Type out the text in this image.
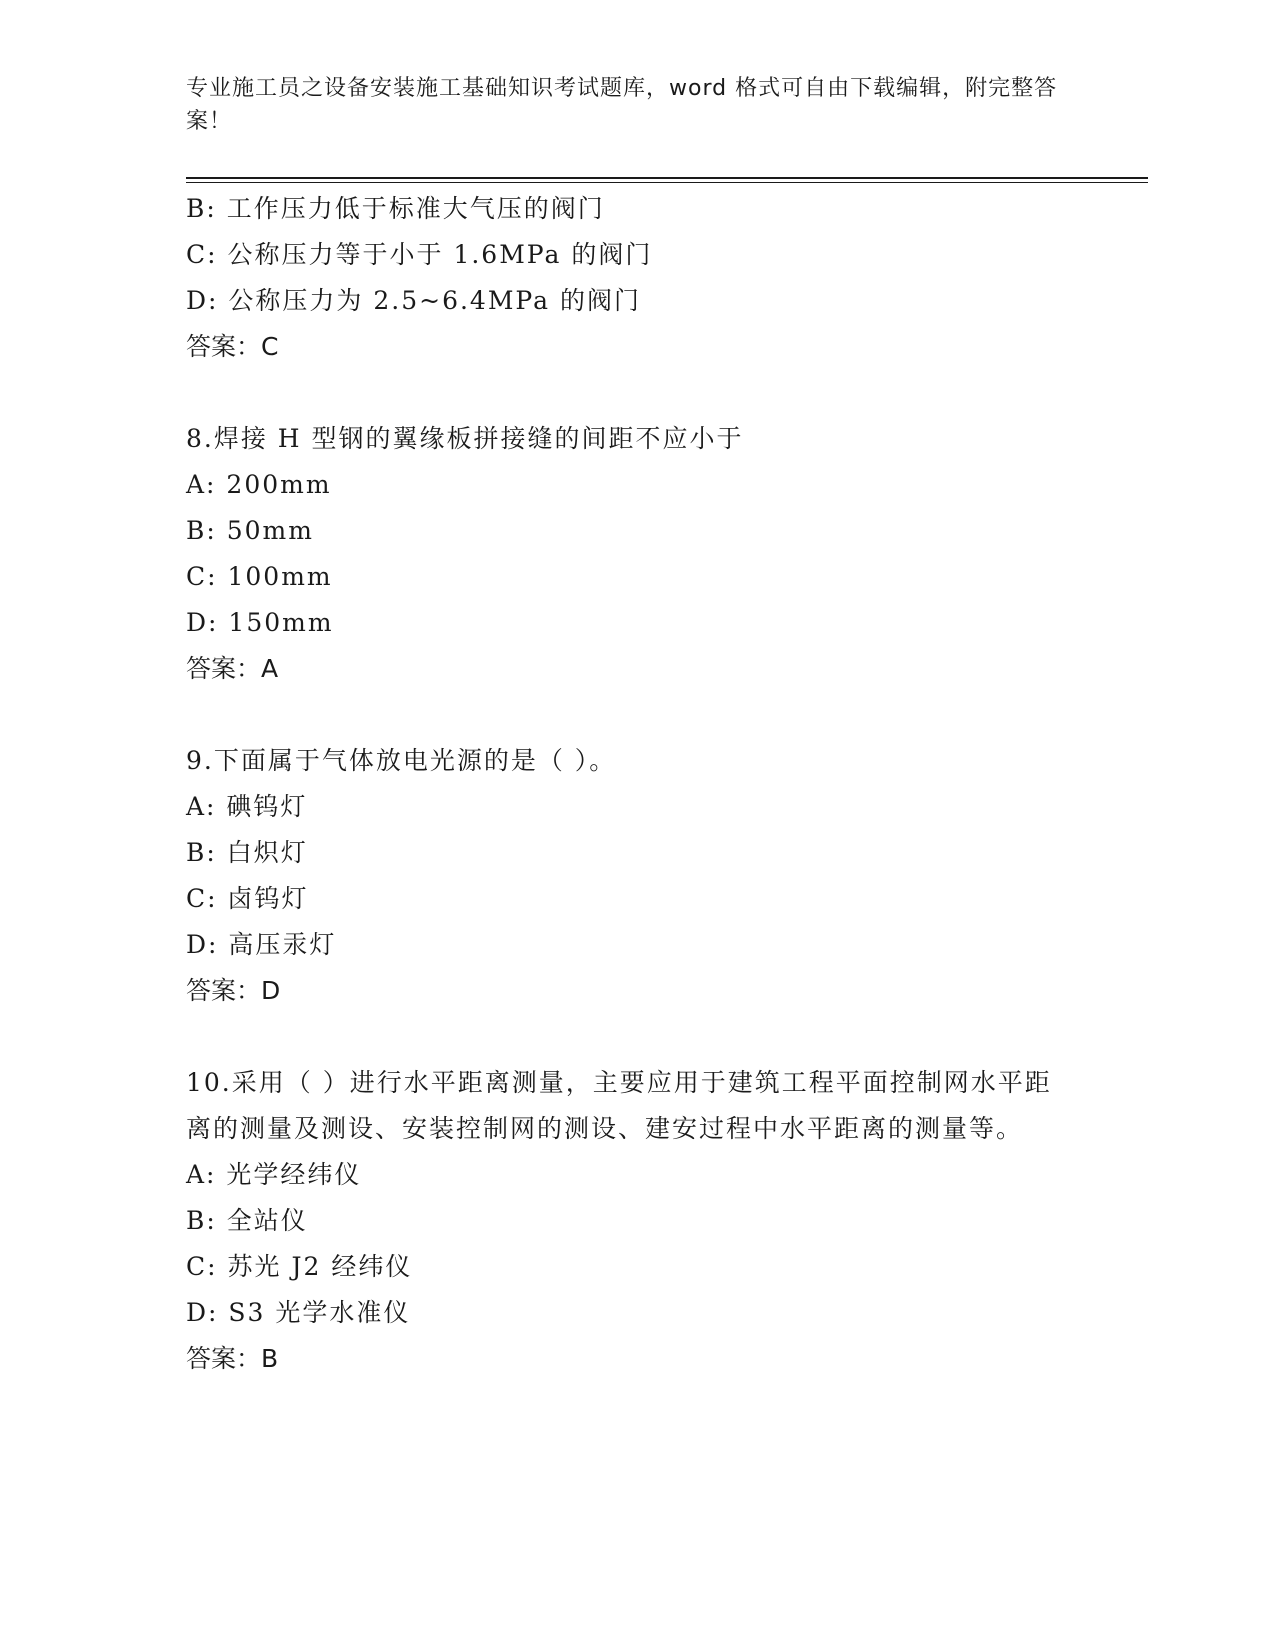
专业施工员之设备安装施工基础知识考试题库，word 格式可自由下载编辑，附完整答案！
B: 工作压力低于标准大气压的阀门
C: 公称压力等于小于 1.6MPa 的阀门
D: 公称压力为 2.5~6.4MPa 的阀门
答案：C
8.焊接 H 型钢的翼缘板拼接缝的间距不应小于
A: 200mm
B: 50mm
C: 100mm
D: 150mm
答案：A
9.下面属于气体放电光源的是（ ）。
A: 碘钨灯
B: 白炽灯
C: 卤钨灯
D: 高压汞灯
答案：D
10.采用（ ）进行水平距离测量，主要应用于建筑工程平面控制网水平距离的测量及测设、安装控制网的测设、建安过程中水平距离的测量等。
A: 光学经纬仪
B: 全站仪
C: 苏光 J2 经纬仪
D: S3 光学水准仪
答案：B
